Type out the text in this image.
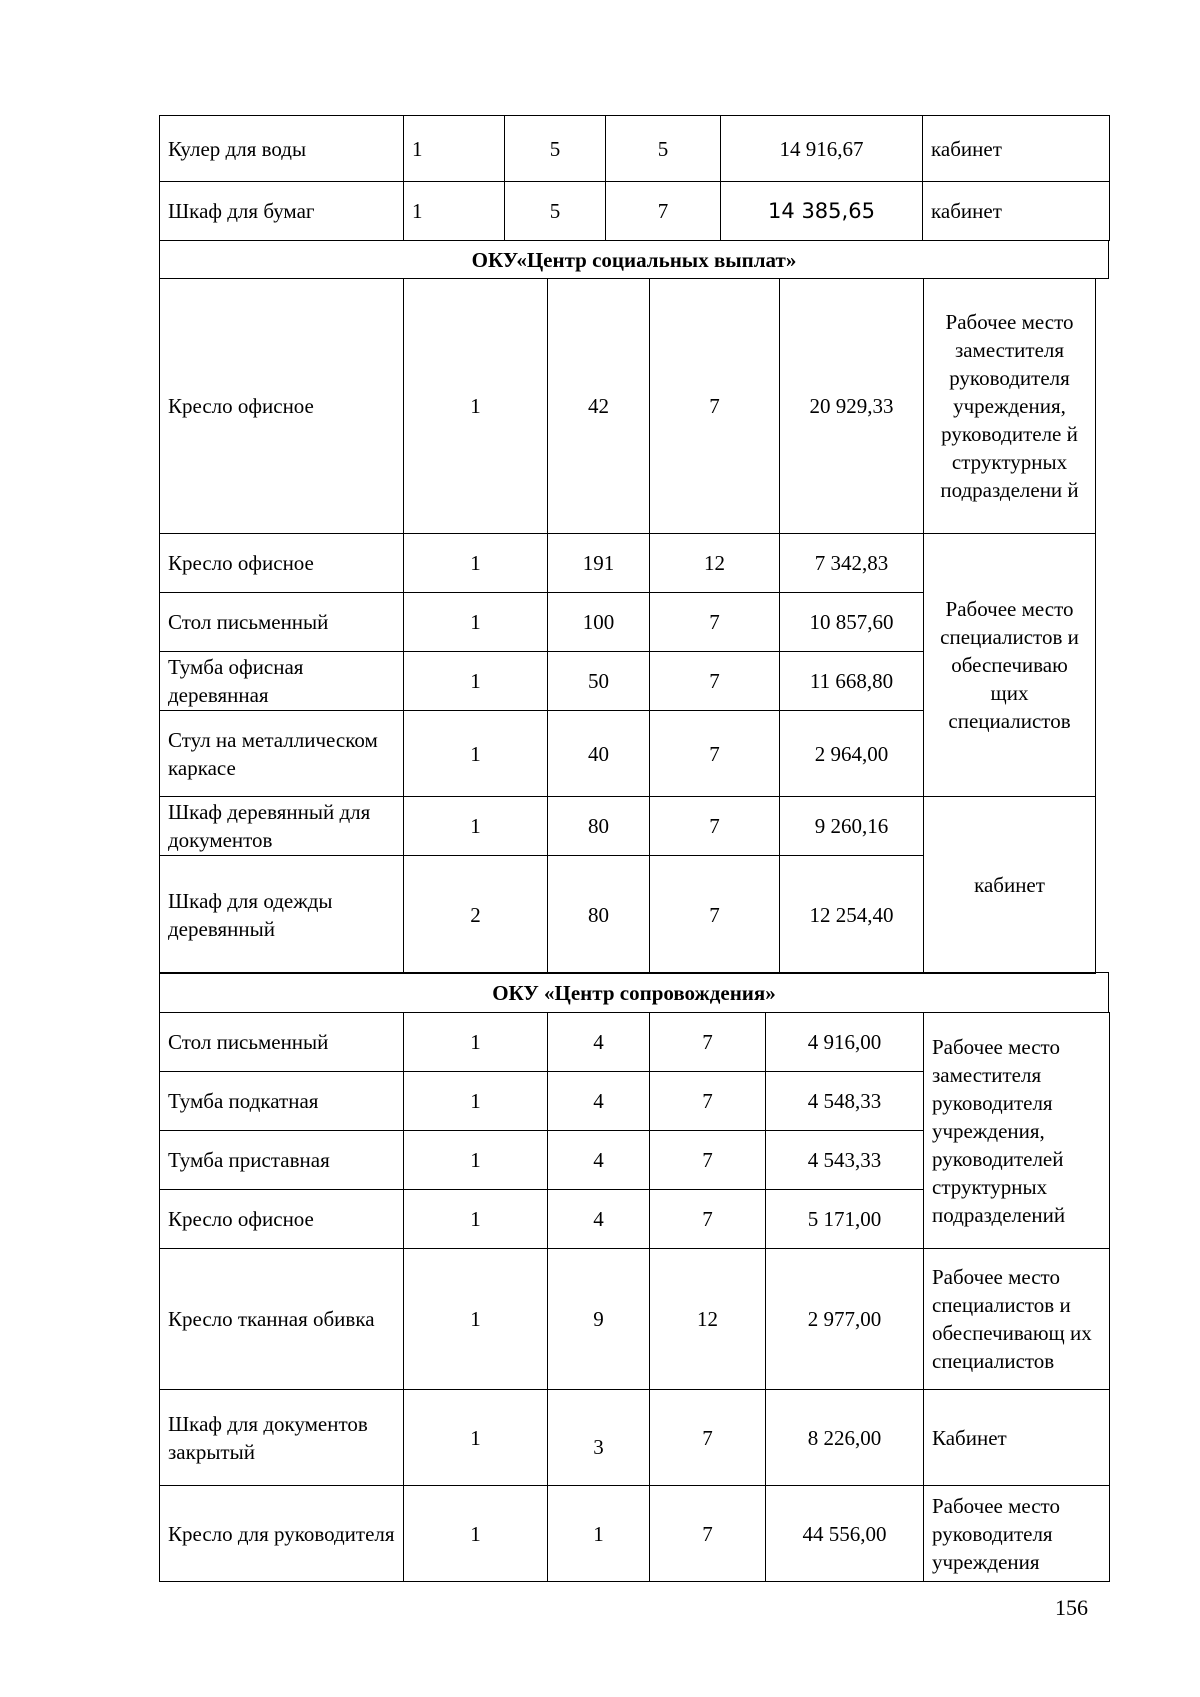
Кулер для воды	1	5	5	14 916,67	кабинет
Шкаф для бумаг	1	5	7	14 385,65	кабинет
ОКУ«Центр социальных выплат»
Кресло офисное	1	42	7	20 929,33	Рабочее место заместителя руководителя учреждения, руководителе й структурных подразделени й
Кресло офисное	1	191	12	7 342,83	Рабочее место специалистов и обеспечиваю щих специалистов
Стол письменный	1	100	7	10 857,60	
Тумба офисная деревянная	1	50	7	11 668,80	
Стул на металлическом каркасе	1	40	7	2 964,00	
Шкаф деревянный для документов	1	80	7	9 260,16	кабинет
Шкаф для одежды деревянный	2	80	7	12 254,40	
ОКУ «Центр сопровождения»
Стол письменный	1	4	7	4 916,00	Рабочее место заместителя руководителя учреждения, руководителей структурных подразделений
Тумба подкатная	1	4	7	4 548,33	
Тумба приставная	1	4	7	4 543,33	
Кресло офисное	1	4	7	5 171,00	
Кресло тканная обивка	1	9	12	2 977,00	Рабочее место специалистов и обеспечивающ их специалистов
Шкаф для документов закрытый	1	3	7	8 226,00	Кабинет
Кресло для руководителя	1	1	7	44 556,00	Рабочее место руководителя учреждения
156
